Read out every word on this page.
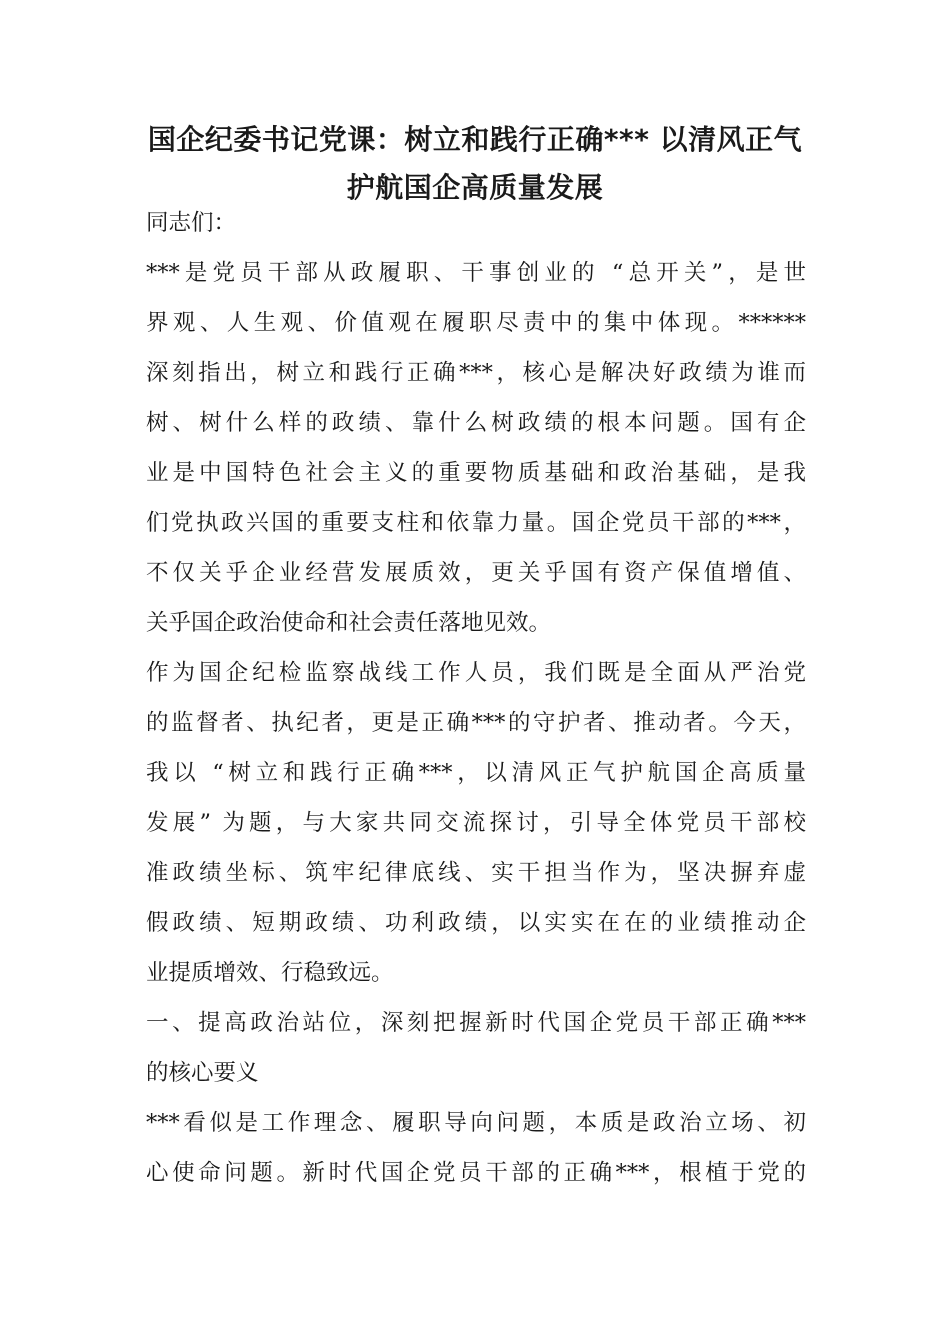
国企纪委书记党课：树立和践行正确*** 以清风正气
护航国企高质量发展
同志们：
***是党员干部从政履职、干事创业的 “总开关”，是世
界观、人生观、价值观在履职尽责中的集中体现。******
深刻指出，树立和践行正确***，核心是解决好政绩为谁而
树、树什么样的政绩、靠什么树政绩的根本问题。国有企
业是中国特色社会主义的重要物质基础和政治基础，是我
们党执政兴国的重要支柱和依靠力量。国企党员干部的***，
不仅关乎企业经营发展质效，更关乎国有资产保值增值、
关乎国企政治使命和社会责任落地见效。
作为国企纪检监察战线工作人员，我们既是全面从严治党
的监督者、执纪者，更是正确***的守护者、推动者。今天，
我以 “树立和践行正确***，以清风正气护航国企高质量
发展” 为题，与大家共同交流探讨，引导全体党员干部校
准政绩坐标、筑牢纪律底线、实干担当作为，坚决摒弃虚
假政绩、短期政绩、功利政绩，以实实在在的业绩推动企
业提质增效、行稳致远。
一、提高政治站位，深刻把握新时代国企党员干部正确***
的核心要义
***看似是工作理念、履职导向问题，本质是政治立场、初
心使命问题。新时代国企党员干部的正确***，根植于党的
